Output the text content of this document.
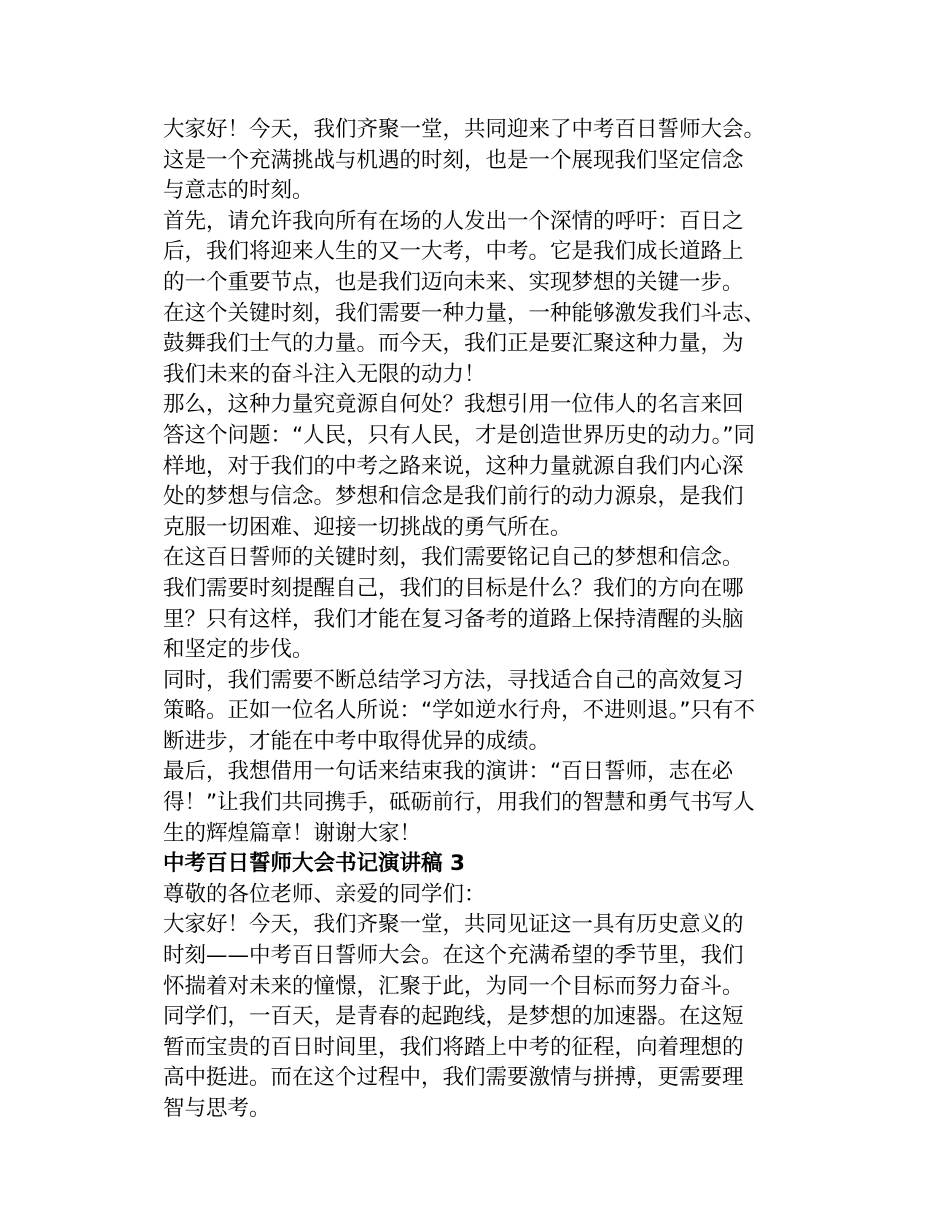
大家好！今天，我们齐聚一堂，共同迎来了中考百日誓师大会。
这是一个充满挑战与机遇的时刻，也是一个展现我们坚定信念
与意志的时刻。

首先，请允许我向所有在场的人发出一个深情的呼吁：百日之
后，我们将迎来人生的又一大考，中考。它是我们成长道路上
的一个重要节点，也是我们迈向未来、实现梦想的关键一步。

在这个关键时刻，我们需要一种力量，一种能够激发我们斗志、
鼓舞我们士气的力量。而今天，我们正是要汇聚这种力量，为
我们未来的奋斗注入无限的动力！

那么，这种力量究竟源自何处？我想引用一位伟人的名言来回
答这个问题：“人民，只有人民，才是创造世界历史的动力。”同
样地，对于我们的中考之路来说，这种力量就源自我们内心深
处的梦想与信念。梦想和信念是我们前行的动力源泉，是我们
克服一切困难、迎接一切挑战的勇气所在。

在这百日誓师的关键时刻，我们需要铭记自己的梦想和信念。
我们需要时刻提醒自己，我们的目标是什么？我们的方向在哪
里？只有这样，我们才能在复习备考的道路上保持清醒的头脑
和坚定的步伐。

同时，我们需要不断总结学习方法，寻找适合自己的高效复习
策略。正如一位名人所说：“学如逆水行舟，不进则退。”只有不
断进步，才能在中考中取得优异的成绩。

最后，我想借用一句话来结束我的演讲：“百日誓师，志在必
得！”让我们共同携手，砥砺前行，用我们的智慧和勇气书写人
生的辉煌篇章！谢谢大家！

中考百日誓师大会书记演讲稿 3

尊敬的各位老师、亲爱的同学们：

大家好！今天，我们齐聚一堂，共同见证这一具有历史意义的
时刻——中考百日誓师大会。在这个充满希望的季节里，我们
怀揣着对未来的憧憬，汇聚于此，为同一个目标而努力奋斗。

同学们，一百天，是青春的起跑线，是梦想的加速器。在这短
暂而宝贵的百日时间里，我们将踏上中考的征程，向着理想的
高中挺进。而在这个过程中，我们需要激情与拼搏，更需要理
智与思考。
